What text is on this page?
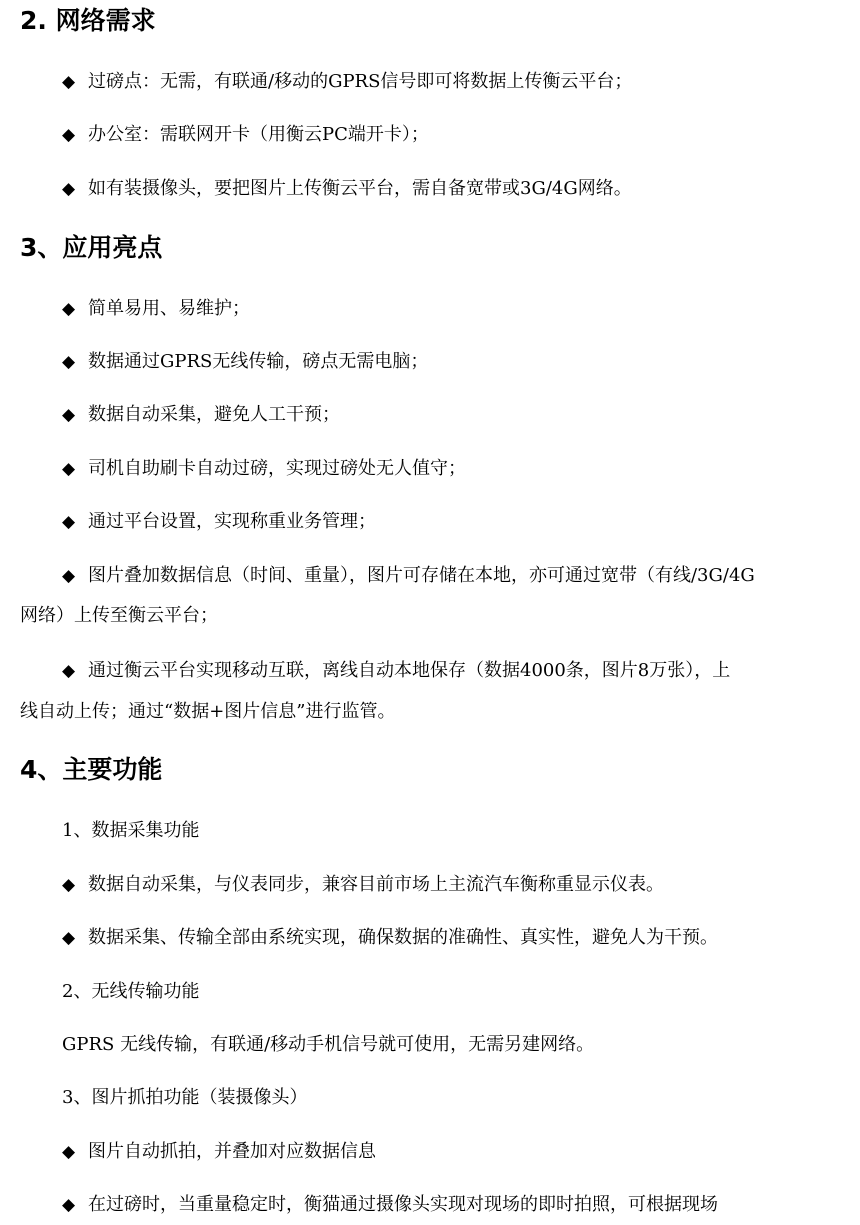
2. 网络需求
◆ 过磅点：无需，有联通/移动的GPRS信号即可将数据上传衡云平台；
◆ 办公室：需联网开卡（用衡云PC端开卡）；
◆ 如有装摄像头，要把图片上传衡云平台，需自备宽带或3G/4G网络。
3、应用亮点
◆ 简单易用、易维护；
◆ 数据通过GPRS无线传输，磅点无需电脑；
◆ 数据自动采集，避免人工干预；
◆ 司机自助刷卡自动过磅，实现过磅处无人值守；
◆ 通过平台设置，实现称重业务管理；
◆ 图片叠加数据信息（时间、重量），图片可存储在本地，亦可通过宽带（有线/3G/4G
网络）上传至衡云平台；
◆ 通过衡云平台实现移动互联，离线自动本地保存（数据4000条，图片8万张），上
线自动上传；通过“数据+图片信息”进行监管。
4、主要功能
1、数据采集功能
◆ 数据自动采集，与仪表同步，兼容目前市场上主流汽车衡称重显示仪表。
◆ 数据采集、传输全部由系统实现，确保数据的准确性、真实性，避免人为干预。
2、无线传输功能
GPRS 无线传输，有联通/移动手机信号就可使用，无需另建网络。
3、图片抓拍功能（装摄像头）
◆ 图片自动抓拍，并叠加对应数据信息
◆ 在过磅时，当重量稳定时，衡猫通过摄像头实现对现场的即时拍照，可根据现场
